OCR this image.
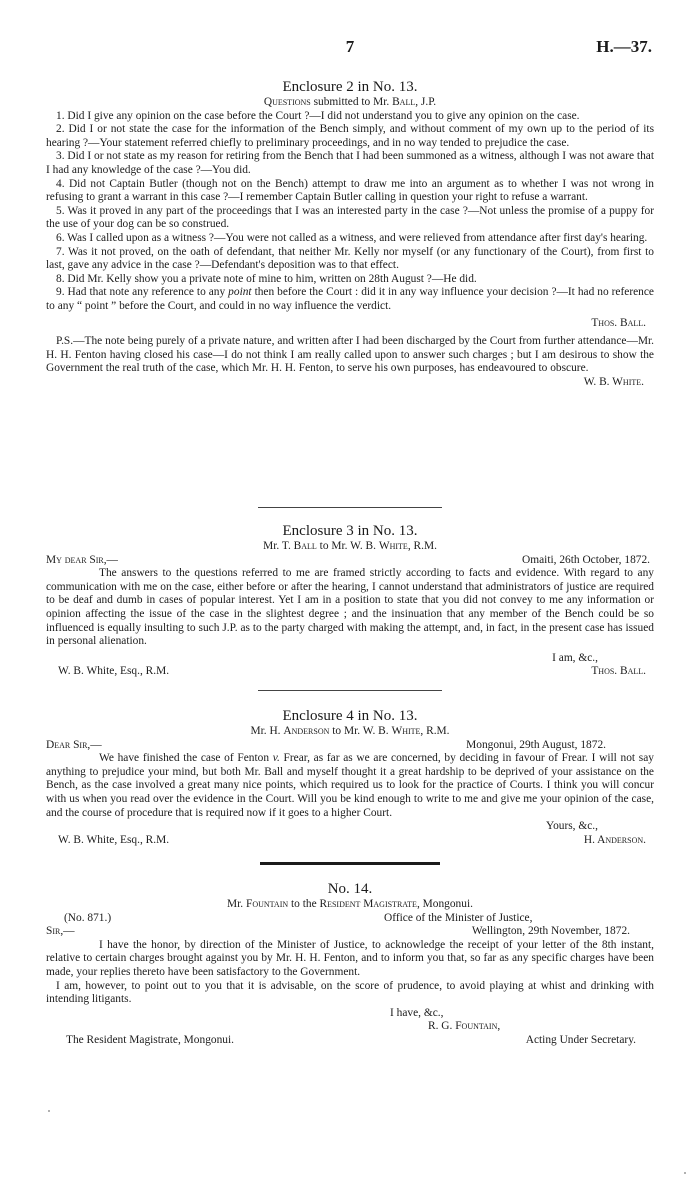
7	H.—37.
Enclosure 2 in No. 13.
Questions submitted to Mr. Ball, J.P.

1. Did I give any opinion on the case before the Court ?—I did not understand you to give any opinion on the case.

2. Did I or not state the case for the information of the Bench simply, and without comment of my own up to the period of its hearing ?—Your statement referred chiefly to preliminary proceedings, and in no way tended to prejudice the case.

3. Did I or not state as my reason for retiring from the Bench that I had been summoned as a witness, although I was not aware that I had any knowledge of the case ?—You did.

4. Did not Captain Butler (though not on the Bench) attempt to draw me into an argument as to whether I was not wrong in refusing to grant a warrant in this case ?—I remember Captain Butler calling in question your right to refuse a warrant.

5. Was it proved in any part of the proceedings that I was an interested party in the case ?—Not unless the promise of a puppy for the use of your dog can be so construed.

6. Was I called upon as a witness ?—You were not called as a witness, and were relieved from attendance after first day's hearing.

7. Was it not proved, on the oath of defendant, that neither Mr. Kelly nor myself (or any functionary of the Court), from first to last, gave any advice in the case ?—Defendant's deposition was to that effect.

8. Did Mr. Kelly show you a private note of mine to him, written on 28th August ?—He did.

9. Had that note any reference to any point then before the Court : did it in any way influence your decision ?—It had no reference to any “ point ” before the Court, and could in no way influence the verdict.

Thos. Ball.

P.S.—The note being purely of a private nature, and written after I had been discharged by the Court from further attendance—Mr. H. H. Fenton having closed his case—I do not think I am really called upon to answer such charges ; but I am desirous to show the Government the real truth of the case, which Mr. H. H. Fenton, to serve his own purposes, has endeavoured to obscure.

W. B. White.
Enclosure 3 in No. 13.
Mr. T. Ball to Mr. W. B. White, R.M.
My dear Sir,—	Omaiti, 26th October, 1872.

The answers to the questions referred to me are framed strictly according to facts and evidence. With regard to any communication with me on the case, either before or after the hearing, I cannot understand that administrators of justice are required to be deaf and dumb in cases of popular interest. Yet I am in a position to state that you did not convey to me any information or opinion affecting the issue of the case in the slightest degree ; and the insinuation that any member of the Bench could be so influenced is equally insulting to such J.P. as to the party charged with making the attempt, and, in fact, in the present case has issued in personal alienation.

I am, &c.,
W. B. White, Esq., R.M.	Thos. Ball.
Enclosure 4 in No. 13.
Mr. H. Anderson to Mr. W. B. White, R.M.
Dear Sir,—	Mongonui, 29th August, 1872.

We have finished the case of Fenton v. Frear, as far as we are concerned, by deciding in favour of Frear. I will not say anything to prejudice your mind, but both Mr. Ball and myself thought it a great hardship to be deprived of your assistance on the Bench, as the case involved a great many nice points, which required us to look for the practice of Courts. I think you will concur with us when you read over the evidence in the Court. Will you be kind enough to write to me and give me your opinion of the case, and the course of procedure that is required now if it goes to a higher Court.

Yours, &c.,
W. B. White, Esq., R.M.	H. Anderson.
No. 14.
Mr. Fountain to the Resident Magistrate, Mongonui.
(No. 871.)	Office of the Minister of Justice,
Sir,—	Wellington, 29th November, 1872.

I have the honor, by direction of the Minister of Justice, to acknowledge the receipt of your letter of the 8th instant, relative to certain charges brought against you by Mr. H. H. Fenton, and to inform you that, so far as any specific charges have been made, your replies thereto have been satisfactory to the Government.

I am, however, to point out to you that it is advisable, on the score of prudence, to avoid playing at whist and drinking with intending litigants.

I have, &c.,
R. G. Fountain,
The Resident Magistrate, Mongonui.	Acting Under Secretary.
